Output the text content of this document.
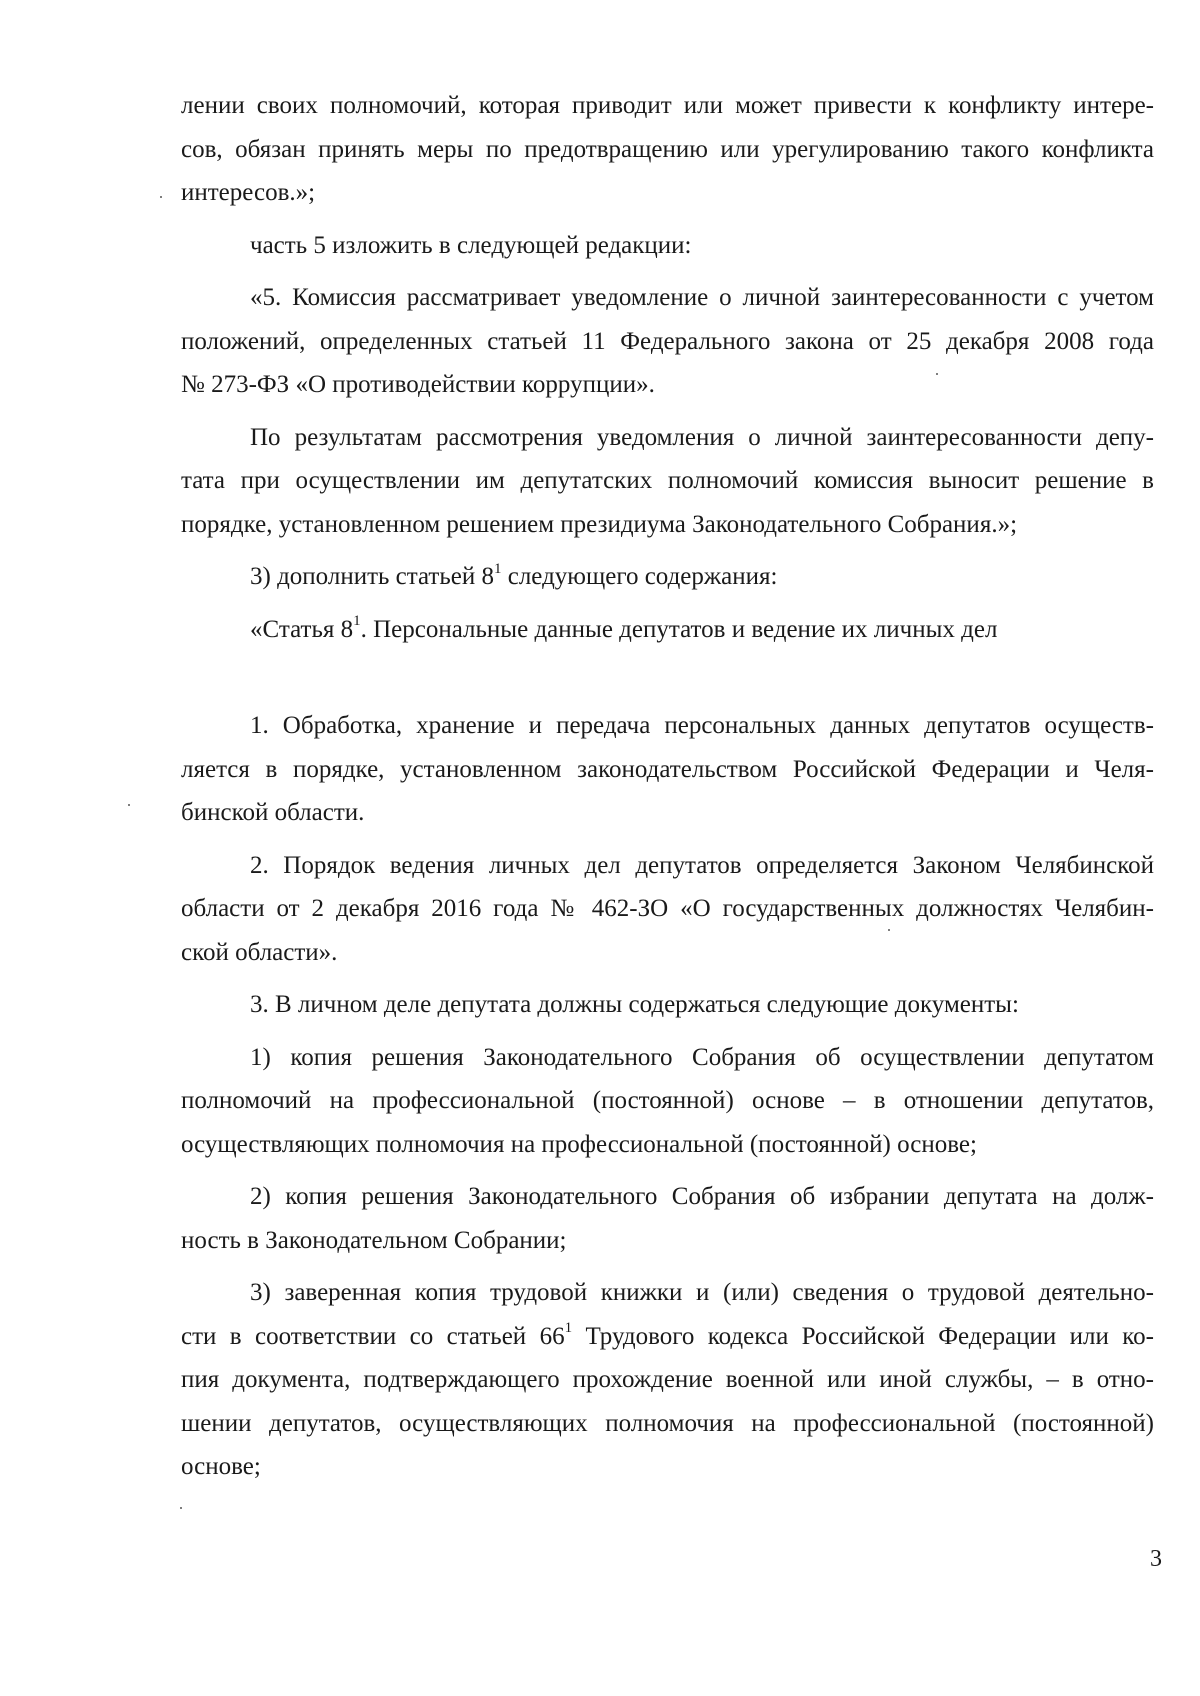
лении своих полномочий, которая приводит или может привести к конфликту интере-
сов, обязан принять меры по предотвращению или урегулированию такого конфликта
интересов.»;
часть 5 изложить в следующей редакции:
«5. Комиссия рассматривает уведомление о личной заинтересованности с учетом
положений, определенных статьей 11 Федерального закона от 25 декабря 2008 года
№ 273-ФЗ «О противодействии коррупции».
По результатам рассмотрения уведомления о личной заинтересованности депу-
тата при осуществлении им депутатских полномочий комиссия выносит решение в
порядке, установленном решением президиума Законодательного Собрания.»;
3) дополнить статьей $8^1$ следующего содержания:
«Статья $8^1$. Персональные данные депутатов и ведение их личных дел
1. Обработка, хранение и передача персональных данных депутатов осуществ-
ляется в порядке, установленном законодательством Российской Федерации и Челя-
бинской области.
2. Порядок ведения личных дел депутатов определяется Законом Челябинской
области от 2 декабря 2016 года № 462-ЗО «О государственных должностях Челябин-
ской области».
3. В личном деле депутата должны содержаться следующие документы:
1) копия решения Законодательного Собрания об осуществлении депутатом
полномочий на профессиональной (постоянной) основе – в отношении депутатов,
осуществляющих полномочия на профессиональной (постоянной) основе;
2) копия решения Законодательного Собрания об избрании депутата на долж-
ность в Законодательном Собрании;
3) заверенная копия трудовой книжки и (или) сведения о трудовой деятельно-
сти в соответствии со статьей $66^1$ Трудового кодекса Российской Федерации или ко-
пия документа, подтверждающего прохождение военной или иной службы, – в отно-
шении депутатов, осуществляющих полномочия на профессиональной (постоянной)
основе;
3
